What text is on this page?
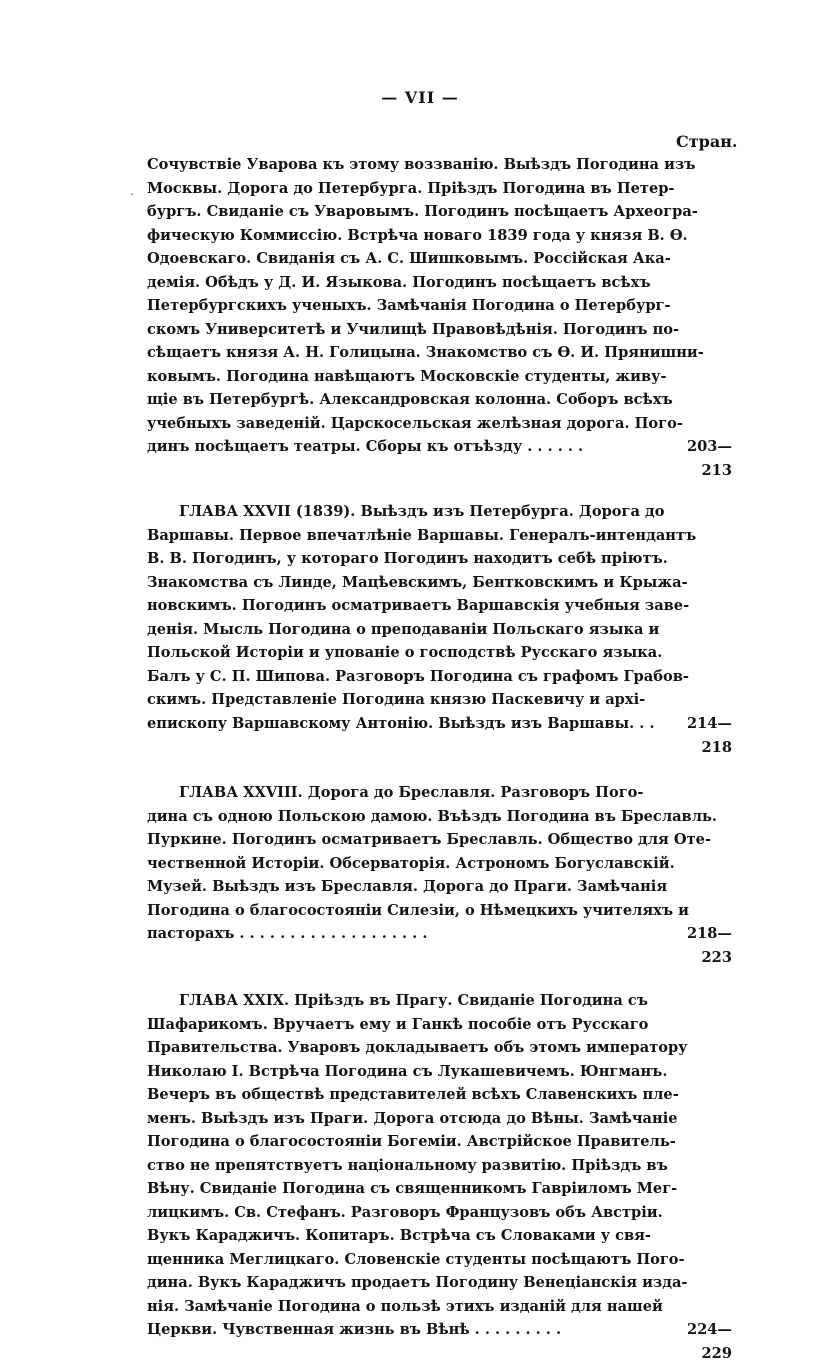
— VII —
Стран.
Сочувствіе Уварова къ этому воззванію. Выѣздъ Погодина изъ
Москвы. Дорога до Петербурга. Пріѣздъ Погодина въ Петер-
бургъ. Свиданіе съ Уваровымъ. Погодинъ посѣщаетъ Археогра-
фическую Коммиссію. Встрѣча новаго 1839 года у князя В. Ѳ.
Одоевскаго. Свиданія съ А. С. Шишковымъ. Россійская Ака-
демія. Обѣдъ у Д. И. Языкова. Погодинъ посѣщаетъ всѣхъ
Петербургскихъ ученыхъ. Замѣчанія Погодина о Петербург-
скомъ Университетѣ и Училищѣ Правовѣдѣнія. Погодинъ по-
сѣщаетъ князя А. Н. Голицына. Знакомство съ Ѳ. И. Прянишни-
ковымъ. Погодина навѣщаютъ Московскіе студенты, живу-
щіе въ Петербургѣ. Александровская колонна. Соборъ всѣхъ
учебныхъ заведеній. Царскосельская желѣзная дорога. Пого-
динъ посѣщаетъ театры. Сборы къ отъѣзду . . . . . .	203—213
ГЛАВА XXVII (1839). Выѣздъ изъ Петербурга. Дорога до
Варшавы. Первое впечатлѣніе Варшавы. Генералъ-интендантъ
В. В. Погодинъ, у котораго Погодинъ находитъ себѣ пріютъ.
Знакомства съ Линде, Мацѣевскимъ, Бентковскимъ и Крыжа-
новскимъ. Погодинъ осматриваетъ Варшавскія учебныя заве-
денія. Мысль Погодина о преподаваніи Польскаго языка и
Польской Исторіи и упованіе о господствѣ Русскаго языка.
Балъ у С. П. Шипова. Разговоръ Погодина съ графомъ Грабов-
скимъ. Представленіе Погодина князю Паскевичу и архі-
епископу Варшавскому Антонію. Выѣздъ изъ Варшавы. . .	214—218
ГЛАВА XXVIII. Дорога до Бреславля. Разговоръ Пого-
дина съ одною Польскою дамою. Въѣздъ Погодина въ Бреславль.
Пуркине. Погодинъ осматриваетъ Бреславль. Общество для Оте-
чественной Исторіи. Обсерваторія. Астрономъ Богуславскій.
Музей. Выѣздъ изъ Бреславля. Дорога до Праги. Замѣчанія
Погодина о благосостояніи Силезіи, о Нѣмецкихъ учителяхъ и
пасторахъ . . . . . . . . . . . . . . . . . . .	218—223
ГЛАВА XXIX. Пріѣздъ въ Прагу. Свиданіе Погодина съ
Шафарикомъ. Вручаетъ ему и Ганкѣ пособіе отъ Русскаго
Правительства. Уваровъ докладываетъ объ этомъ императору
Николаю I. Встрѣча Погодина съ Лукашевичемъ. Юнгманъ.
Вечеръ въ обществѣ представителей всѣхъ Славенскихъ пле-
менъ. Выѣздъ изъ Праги. Дорога отсюда до Вѣны. Замѣчаніе
Погодина о благосостояніи Богеміи. Австрійское Правитель-
ство не препятствуетъ національному развитію. Пріѣздъ въ
Вѣну. Свиданіе Погодина съ священникомъ Гавріиломъ Мег-
лицкимъ. Св. Стефанъ. Разговоръ Французовъ объ Австріи.
Вукъ Караджичъ. Копитаръ. Встрѣча съ Словаками у свя-
щенника Меглицкаго. Словенскіе студенты посѣщаютъ Пого-
дина. Вукъ Караджичъ продаетъ Погодину Венеціанскія изда-
нія. Замѣчаніе Погодина о пользѣ этихъ изданій для нашей
Церкви. Чувственная жизнь въ Вѣнѣ . . . . . . . . .	224—229
